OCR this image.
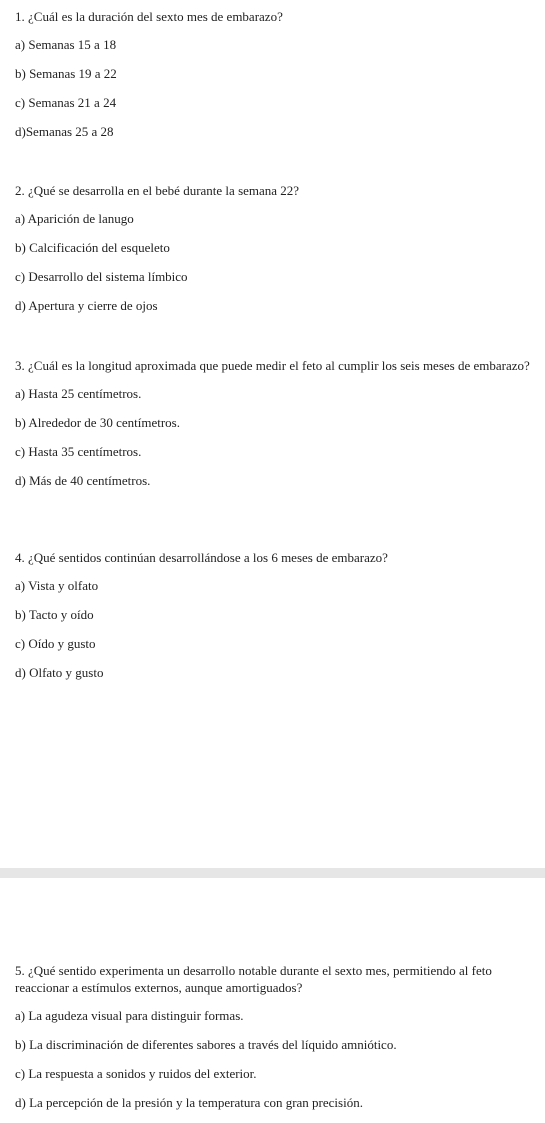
1. ¿Cuál es la duración del sexto mes de embarazo?

a) Semanas 15 a 18
b) Semanas 19 a 22
c) Semanas 21 a 24
d)Semanas 25 a 28

2. ¿Qué se desarrolla en el bebé durante la semana 22?

a) Aparición de lanugo
b) Calcificación del esqueleto
c) Desarrollo del sistema límbico
d) Apertura y cierre de ojos

3. ¿Cuál es la longitud aproximada que puede medir el feto al cumplir los seis meses de embarazo?

a) Hasta 25 centímetros.
b) Alrededor de 30 centímetros.
c) Hasta 35 centímetros.
d) Más de 40 centímetros.

4. ¿Qué sentidos continúan desarrollándose a los 6 meses de embarazo?

a) Vista y olfato
b) Tacto y oído
c) Oído y gusto
d) Olfato y gusto

5. ¿Qué sentido experimenta un desarrollo notable durante el sexto mes, permitiendo al feto reaccionar a estímulos externos, aunque amortiguados?

a) La agudeza visual para distinguir formas.
b) La discriminación de diferentes sabores a través del líquido amniótico.
c) La respuesta a sonidos y ruidos del exterior.
d) La percepción de la presión y la temperatura con gran precisión.
